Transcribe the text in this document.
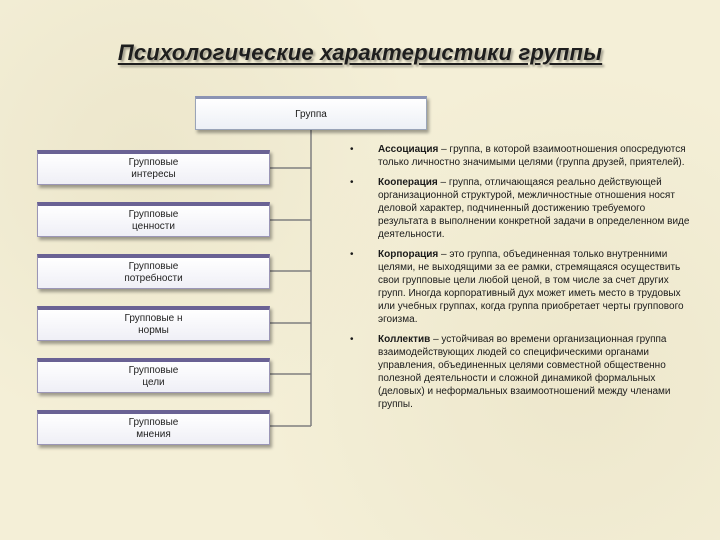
Психологические характеристики группы
Группа
Групповые
интересы
Групповые
ценности
Групповые
потребности
Групповые н
нормы
Групповые
цели
Групповые
мнения
• Ассоциация – группа, в которой взаимоотношения опосредуются только личностно значимыми целями (группа друзей, приятелей).
• Кооперация – группа, отличающаяся реально действующей организационной структурой, межличностные отношения носят деловой характер, подчиненный достижению требуемого результата в выполнении конкретной задачи в определенном виде деятельности.
• Корпорация – это группа, объединенная только внутренними целями, не выходящими за ее рамки, стремящаяся осуществить свои групповые цели любой ценой, в том числе за счет других групп. Иногда корпоративный дух может иметь место в трудовых или учебных группах, когда группа приобретает черты группового эгоизма.
• Коллектив – устойчивая во времени организационная группа взаимодействующих людей со специфическими органами управления, объединенных целями совместной общественно полезной деятельности и сложной динамикой формальных (деловых) и неформальных взаимоотношений между членами группы.
